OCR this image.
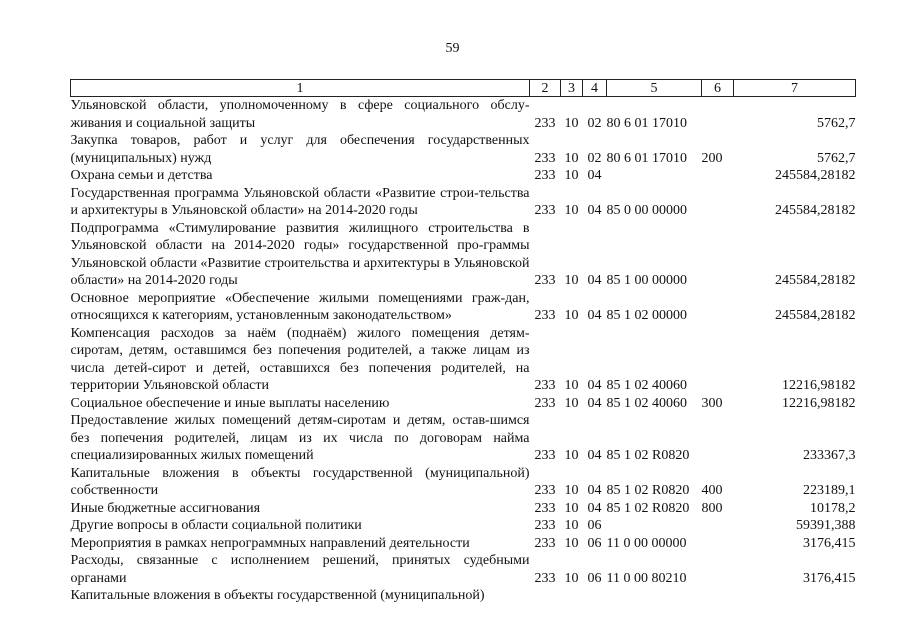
59
1	2	3	4	5	6	7
Ульяновской области, уполномоченному в сфере социального обслу-живания и социальной защиты	233	10	02	80 6 01 17010		5762,7
Закупка товаров, работ и услуг для обеспечения государственных (муниципальных) нужд	233	10	02	80 6 01 17010	200	5762,7
Охрана семьи и детства	233	10	04			245584,28182
Государственная программа Ульяновской области «Развитие строи-тельства и архитектуры в Ульяновской области» на 2014-2020 годы	233	10	04	85 0 00 00000		245584,28182
Подпрограмма «Стимулирование развития жилищного строительства в Ульяновской области на 2014-2020 годы» государственной про-граммы Ульяновской области «Развитие строительства и архитектуры в Ульяновской области» на 2014-2020 годы	233	10	04	85 1 00 00000		245584,28182
Основное мероприятие «Обеспечение жилыми помещениями граж-дан, относящихся к категориям, установленным законодательством»	233	10	04	85 1 02 00000		245584,28182
Компенсация расходов за наём (поднаём) жилого помещения детям-сиротам, детям, оставшимся без попечения родителей, а также лицам из числа детей-сирот и детей, оставшихся без попечения родителей, на территории Ульяновской области	233	10	04	85 1 02 40060		12216,98182
Социальное обеспечение и иные выплаты населению	233	10	04	85 1 02 40060	300	12216,98182
Предоставление жилых помещений детям-сиротам и детям, остав-шимся без попечения родителей, лицам из их числа по договорам найма специализированных жилых помещений	233	10	04	85 1 02 R0820		233367,3
Капитальные вложения в объекты государственной (муниципальной) собственности	233	10	04	85 1 02 R0820	400	223189,1
Иные бюджетные ассигнования	233	10	04	85 1 02 R0820	800	10178,2
Другие вопросы в области социальной политики	233	10	06			59391,388
Мероприятия в рамках непрограммных направлений деятельности	233	10	06	11 0 00 00000		3176,415
Расходы, связанные с исполнением решений, принятых судебными органами	233	10	06	11 0 00 80210		3176,415
Капитальные вложения в объекты государственной (муниципальной)						
